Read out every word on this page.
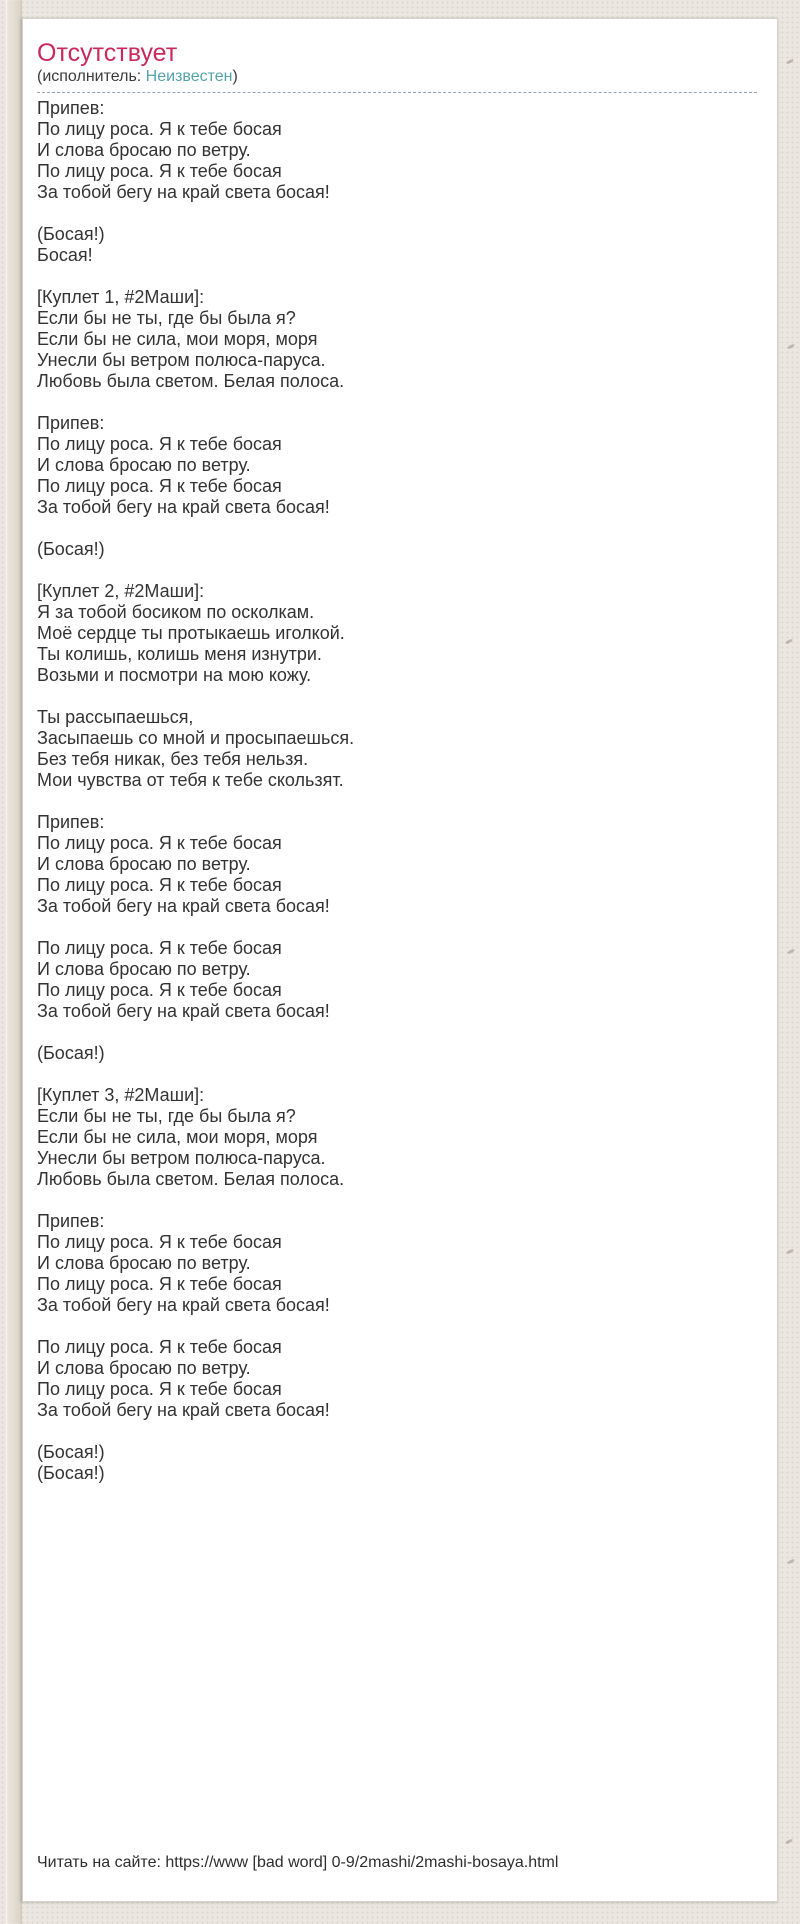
Отсутствует
(исполнитель: Неизвестен)

Припев:
По лицу роса. Я к тебе босая
И слова бросаю по ветру.
По лицу роса. Я к тебе босая
За тобой бегу на край света босая!

(Босая!)
Босая!

[Куплет 1, #2Маши]:
Если бы не ты, где бы была я?
Если бы не сила, мои моря, моря
Унесли бы ветром полюса-паруса.
Любовь была светом. Белая полоса.

Припев:
По лицу роса. Я к тебе босая
И слова бросаю по ветру.
По лицу роса. Я к тебе босая
За тобой бегу на край света босая!

(Босая!)

[Куплет 2, #2Маши]:
Я за тобой босиком по осколкам.
Моё сердце ты протыкаешь иголкой.
Ты колишь, колишь меня изнутри.
Возьми и посмотри на мою кожу.

Ты рассыпаешься,
Засыпаешь со мной и просыпаешься.
Без тебя никак, без тебя нельзя.
Мои чувства от тебя к тебе скользят.

Припев:
По лицу роса. Я к тебе босая
И слова бросаю по ветру.
По лицу роса. Я к тебе босая
За тобой бегу на край света босая!

По лицу роса. Я к тебе босая
И слова бросаю по ветру.
По лицу роса. Я к тебе босая
За тобой бегу на край света босая!

(Босая!)

[Куплет 3, #2Маши]:
Если бы не ты, где бы была я?
Если бы не сила, мои моря, моря
Унесли бы ветром полюса-паруса.
Любовь была светом. Белая полоса.

Припев:
По лицу роса. Я к тебе босая
И слова бросаю по ветру.
По лицу роса. Я к тебе босая
За тобой бегу на край света босая!

По лицу роса. Я к тебе босая
И слова бросаю по ветру.
По лицу роса. Я к тебе босая
За тобой бегу на край света босая!

(Босая!)
(Босая!)

Читать на сайте: https://www [bad word] 0-9/2mashi/2mashi-bosaya.html
